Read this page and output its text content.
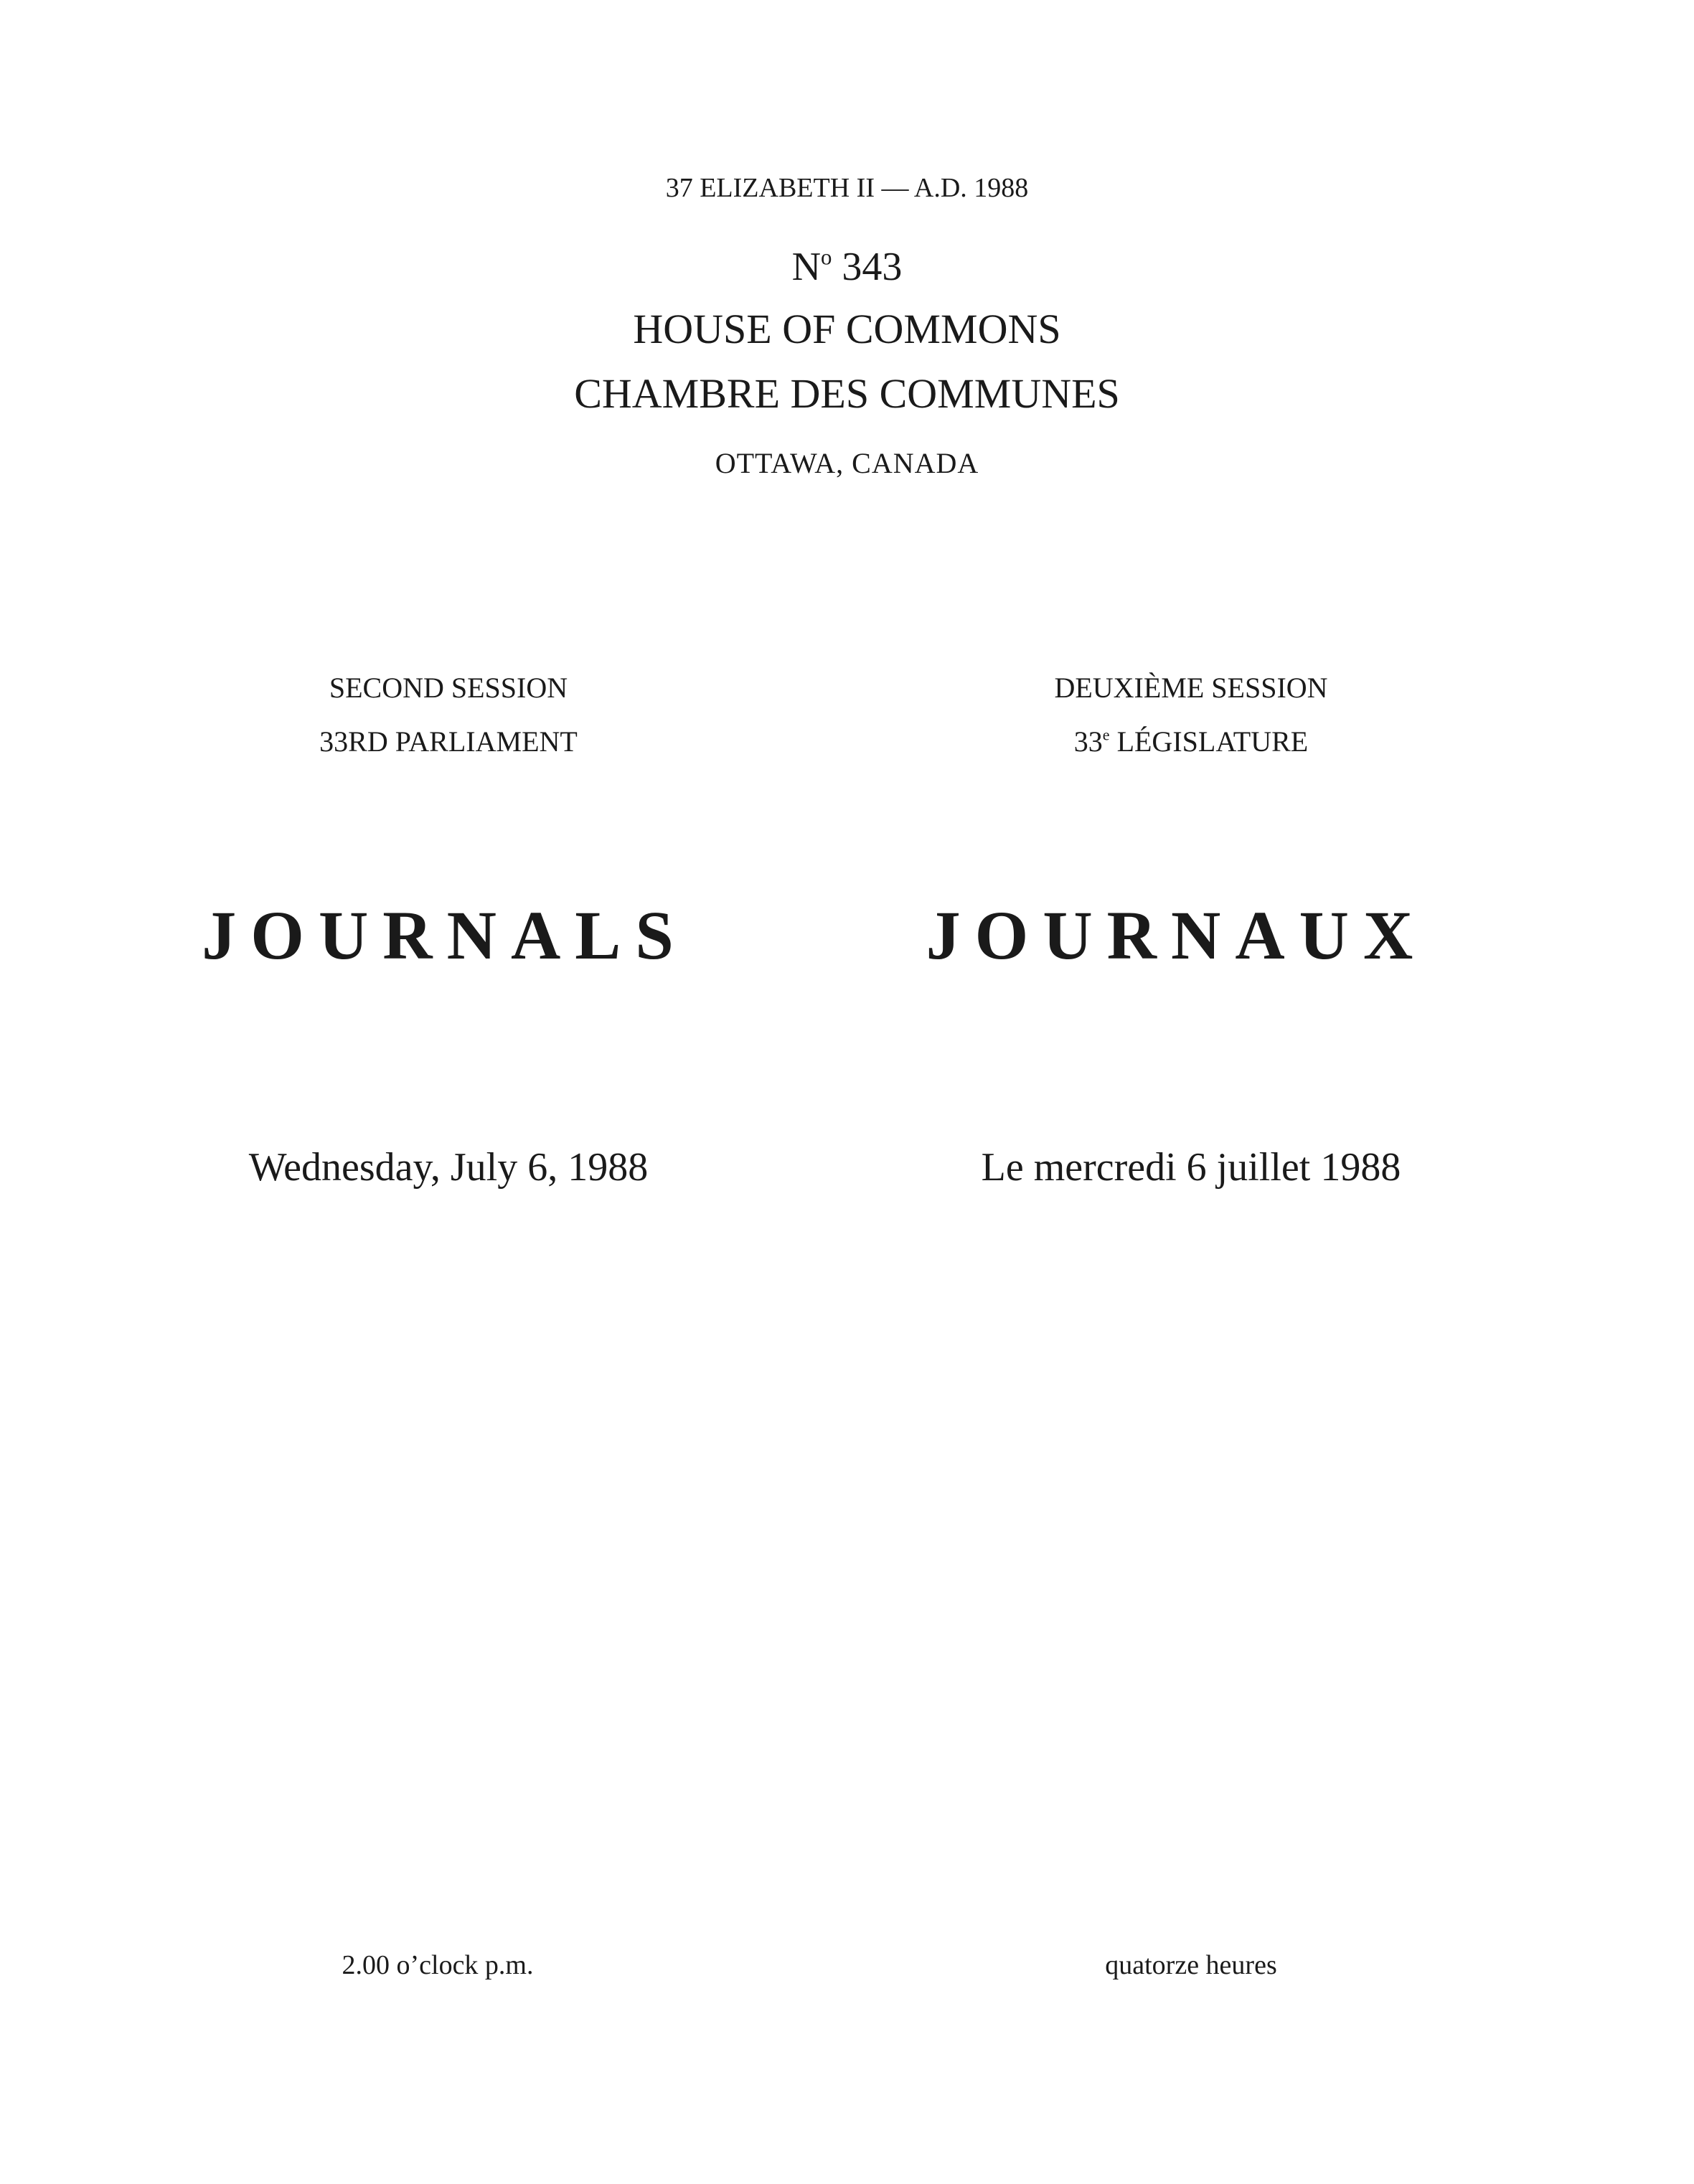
37 ELIZABETH II — A.D. 1988
$N^o$ 343
HOUSE OF COMMONS
CHAMBRE DES COMMUNES
OTTAWA, CANADA
SECOND SESSION
33RD PARLIAMENT
DEUXIÈME SESSION
33e LÉGISLATURE
JOURNALS	JOURNAUX
Wednesday, July 6, 1988	Le mercredi 6 juillet 1988
2.00 o’clock p.m.	quatorze heures
